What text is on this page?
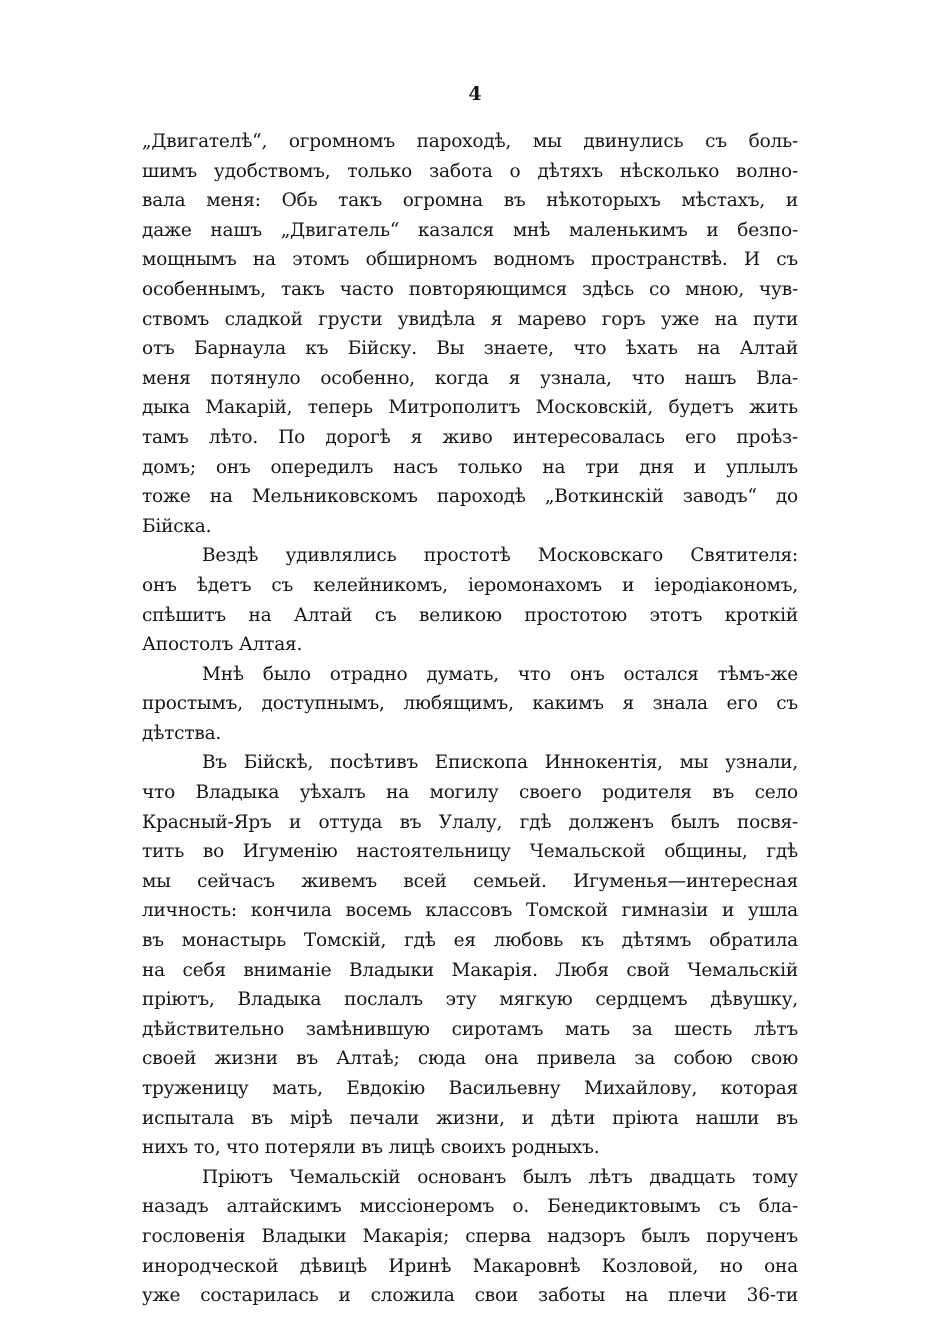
4
„Двигателѣ“, огромномъ пароходѣ, мы двинулись съ боль-
шимъ удобствомъ, только забота о дѣтяхъ нѣсколько волно-
вала меня: Обь такъ огромна въ нѣкоторыхъ мѣстахъ, и
даже нашъ „Двигатель“ казался мнѣ маленькимъ и безпо-
мощнымъ на этомъ обширномъ водномъ пространствѣ. И съ
особеннымъ, такъ часто повторяющимся здѣсь со мною, чув-
ствомъ сладкой грусти увидѣла я марево горъ уже на пути
отъ Барнаула къ Бійску. Вы знаете, что ѣхать на Алтай
меня потянуло особенно, когда я узнала, что нашъ Вла-
дыка Макарій, теперь Митрополитъ Московскій, будетъ жить
тамъ лѣто. По дорогѣ я живо интересовалась его проѣз-
домъ; онъ опередилъ насъ только на три дня и уплылъ
тоже на Мельниковскомъ пароходѣ „Воткинскій заводъ“ до
Бійска.
Вездѣ удивлялись простотѣ Московскаго Святителя:
онъ ѣдетъ съ келейникомъ, іеромонахомъ и іеродіакономъ,
спѣшитъ на Алтай съ великою простотою этотъ кроткій
Апостолъ Алтая.
Мнѣ было отрадно думать, что онъ остался тѣмъ-же
простымъ, доступнымъ, любящимъ, какимъ я знала его съ
дѣтства.
Въ Бійскѣ, посѣтивъ Епископа Иннокентія, мы узнали,
что Владыка уѣхалъ на могилу своего родителя въ село
Красный-Яръ и оттуда въ Улалу, гдѣ долженъ былъ посвя-
тить во Игуменію настоятельницу Чемальской общины, гдѣ
мы сейчасъ живемъ всей семьей. Игуменья—интересная
личность: кончила восемь классовъ Томской гимназіи и ушла
въ монастырь Томскій, гдѣ ея любовь къ дѣтямъ обратила
на себя вниманіе Владыки Макарія. Любя свой Чемальскій
пріютъ, Владыка послалъ эту мягкую сердцемъ дѣвушку,
дѣйствительно замѣнившую сиротамъ мать за шесть лѣтъ
своей жизни въ Алтаѣ; сюда она привела за собою свою
труженицу мать, Евдокію Васильевну Михайлову, которая
испытала въ мірѣ печали жизни, и дѣти пріюта нашли въ
нихъ то, что потеряли въ лицѣ своихъ родныхъ.
Пріютъ Чемальскій основанъ былъ лѣтъ двадцать тому
назадъ алтайскимъ миссіонеромъ о. Бенедиктовымъ съ бла-
гословенія Владыки Макарія; сперва надзоръ былъ порученъ
инородческой дѣвицѣ Иринѣ Макаровнѣ Козловой, но она
уже состарилась и сложила свои заботы на плечи 36-ти
